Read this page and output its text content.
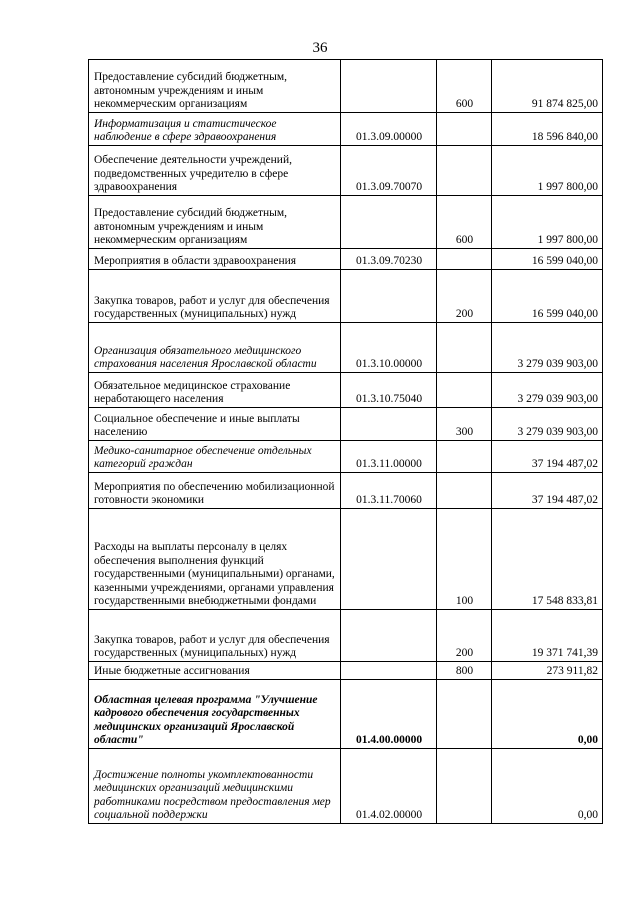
36
Предоставление субсидий бюджетным, автономным учреждениям и иным некоммерческим организациям		600	91 874 825,00
Информатизация и статистическое наблюдение в сфере здравоохранения	01.3.09.00000		18 596 840,00
Обеспечение деятельности учреждений, подведомственных учредителю в сфере здравоохранения	01.3.09.70070		1 997 800,00
Предоставление субсидий бюджетным, автономным учреждениям и иным некоммерческим организациям		600	1 997 800,00
Мероприятия в области здравоохранения	01.3.09.70230		16 599 040,00
Закупка товаров, работ и услуг для обеспечения государственных (муниципальных) нужд		200	16 599 040,00
Организация обязательного медицинского страхования населения Ярославской области	01.3.10.00000		3 279 039 903,00
Обязательное медицинское страхование неработающего населения	01.3.10.75040		3 279 039 903,00
Социальное обеспечение и иные выплаты населению		300	3 279 039 903,00
Медико-санитарное обеспечение отдельных категорий граждан	01.3.11.00000		37 194 487,02
Мероприятия по обеспечению мобилизационной готовности экономики	01.3.11.70060		37 194 487,02
Расходы на выплаты персоналу в целях обеспечения выполнения функций государственными (муниципальными) органами, казенными учреждениями, органами управления государственными внебюджетными фондами		100	17 548 833,81
Закупка товаров, работ и услуг для обеспечения государственных (муниципальных) нужд		200	19 371 741,39
Иные бюджетные ассигнования		800	273 911,82
Областная целевая программа "Улучшение кадрового обеспечения государственных медицинских организаций Ярославской области"	01.4.00.00000		0,00
Достижение полноты укомплектованности медицинских организаций медицинскими работниками посредством предоставления мер социальной поддержки	01.4.02.00000		0,00
